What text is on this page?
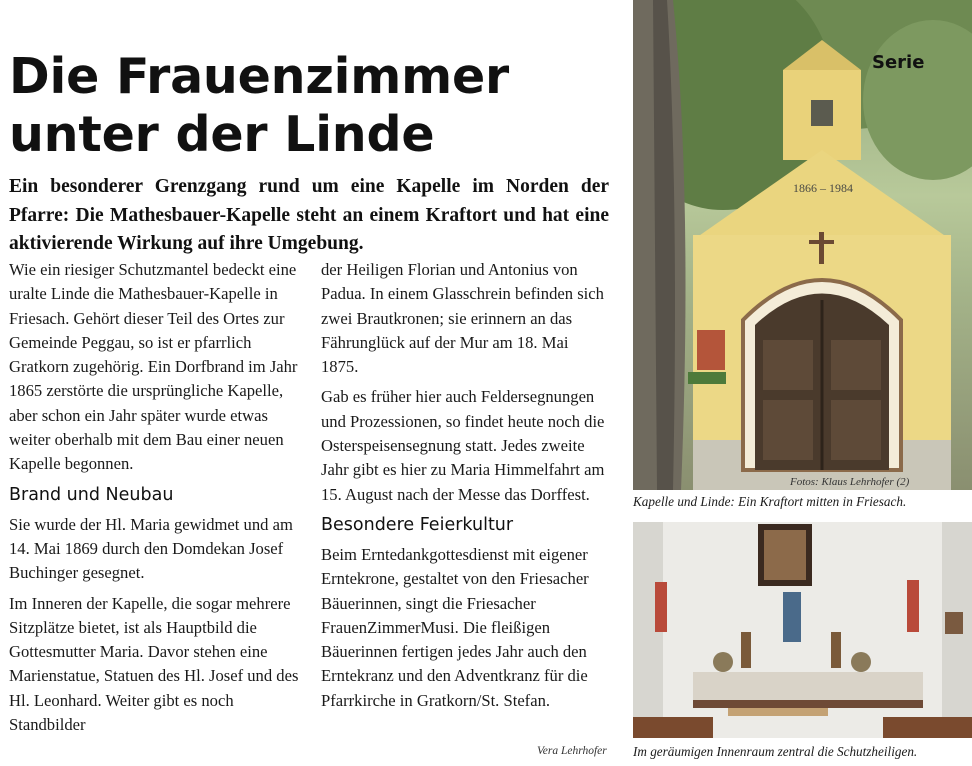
Die Frauenzimmer
unter der Linde

Ein besonderer Grenzgang rund um eine Kapelle im Norden der Pfarre: Die Mathesbauer-Kapelle steht an einem Kraftort und hat eine aktivierende Wirkung auf ihre Umgebung.

Wie ein riesiger Schutzmantel bedeckt eine uralte Linde die Mathesbauer-Kapelle in Friesach. Gehört dieser Teil des Ortes zur Gemeinde Peggau, so ist er pfarrlich Gratkorn zugehörig. Ein Dorfbrand im Jahr 1865 zerstörte die ursprüngliche Kapelle, aber schon ein Jahr später wurde etwas weiter oberhalb mit dem Bau einer neuen Kapelle begonnen.

Brand und Neubau

Sie wurde der Hl. Maria gewidmet und am 14. Mai 1869 durch den Domdekan Josef Buchinger gesegnet.

Im Inneren der Kapelle, die sogar mehrere Sitzplätze bietet, ist als Hauptbild die Gottesmutter Maria. Davor stehen eine Marienstatue, Statuen des Hl. Josef und des Hl. Leonhard. Weiter gibt es noch Standbilder

der Heiligen Florian und Antonius von Padua. In einem Glasschrein befinden sich zwei Brautkronen; sie erinnern an das Fährunglück auf der Mur am 18. Mai 1875.

Gab es früher hier auch Feldersegnungen und Prozessionen, so findet heute noch die Osterspeisensegnung statt. Jedes zweite Jahr gibt es hier zu Maria Himmelfahrt am 15. August nach der Messe das Dorffest.

Besondere Feierkultur

Beim Erntedankgottesdienst mit eigener Erntekrone, gestaltet von den Friesacher Bäuerinnen, singt die Friesacher FrauenZimmerMusi. Die fleißigen Bäuerinnen fertigen jedes Jahr auch den Erntekranz und den Adventkranz für die Pfarrkirche in Gratkorn/St. Stefan.

Vera Lehrhofer
1866 – 1984

Serie

Fotos: Klaus Lehrhofer (2)
Kapelle und Linde: Ein Kraftort mitten in Friesach.
Im geräumigen Innenraum zentral die Schutzheiligen.
